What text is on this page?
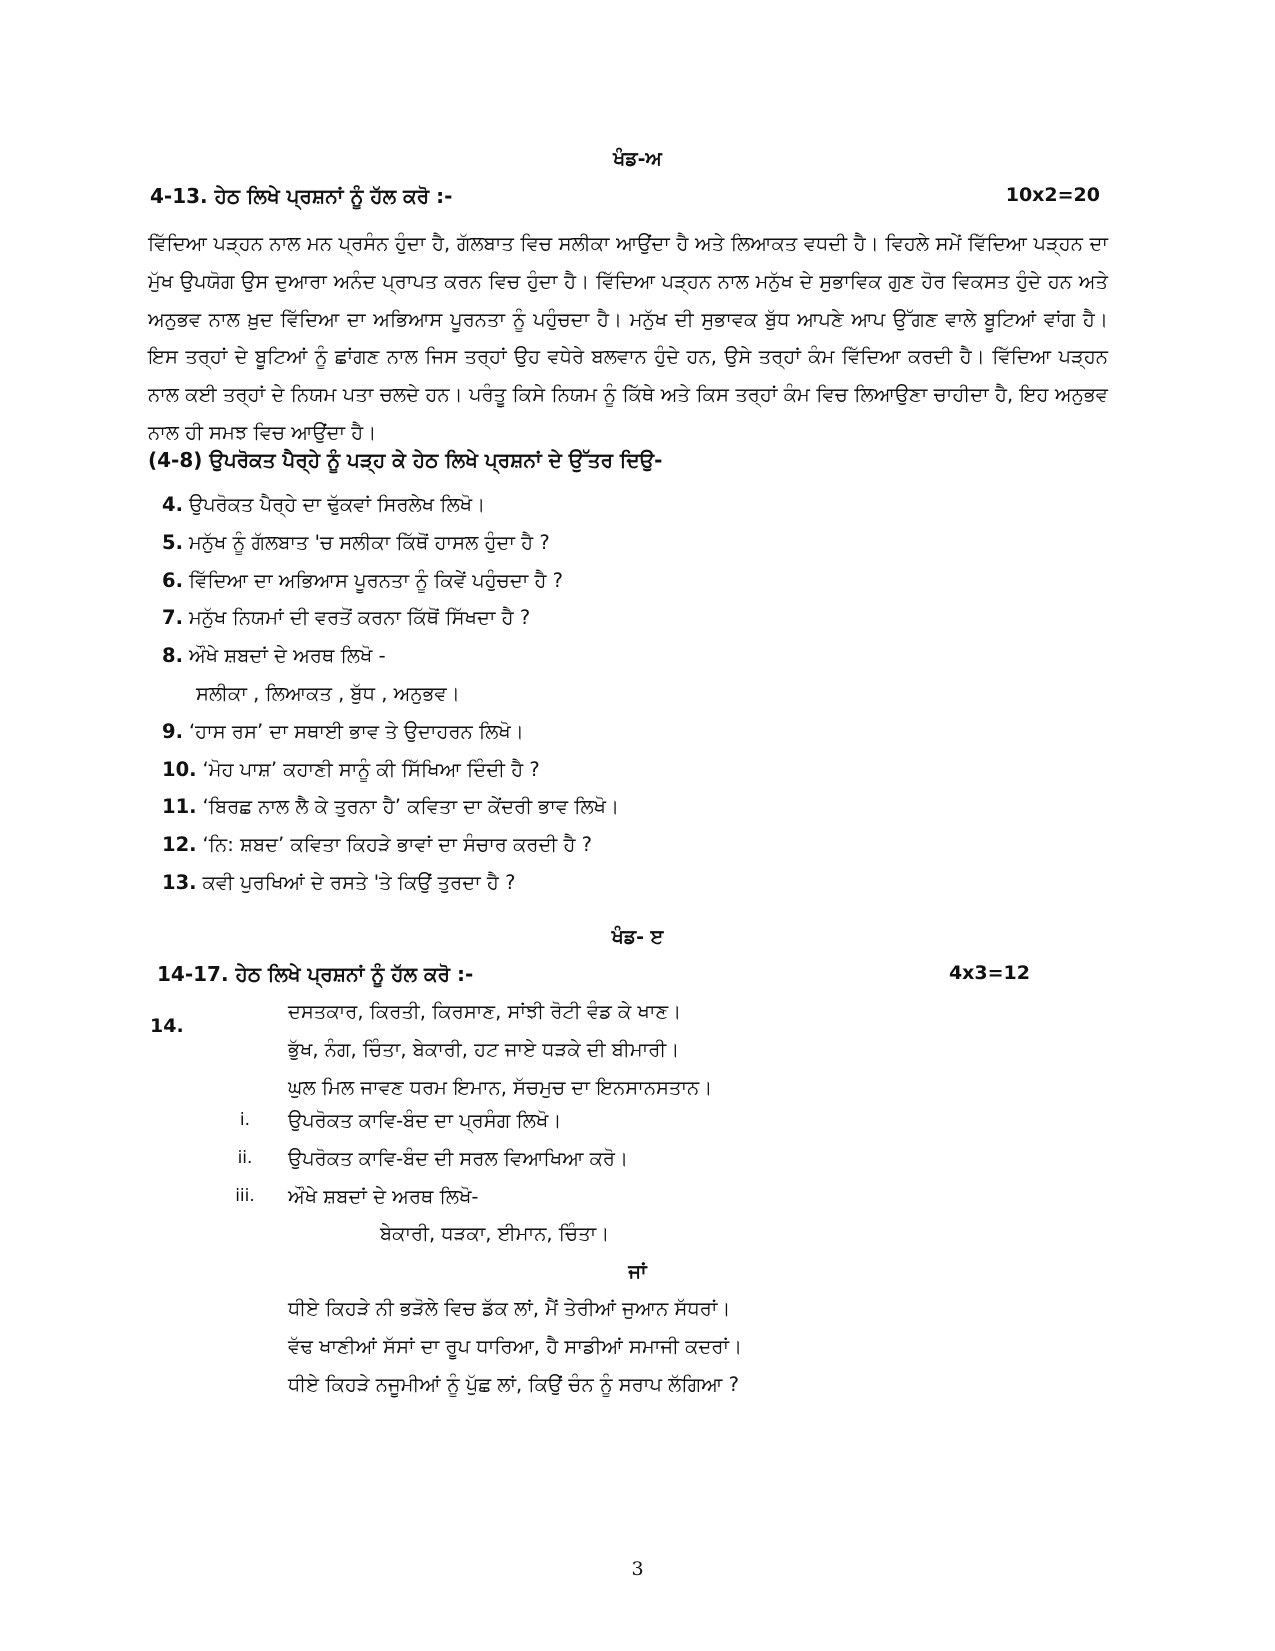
ਖੰਡ-ਅ
4-13. ਹੇਠ ਲਿਖੇ ਪ੍ਰਸ਼ਨਾਂ ਨੂੰ ਹੱਲ ਕਰੋ :-	10x2=20
ਵਿੱਦਿਆ ਪੜ੍ਹਨ ਨਾਲ ਮਨ ਪ੍ਰਸੰਨ ਹੁੰਦਾ ਹੈ, ਗੱਲਬਾਤ ਵਿਚ ਸਲੀਕਾ ਆਉਂਦਾ ਹੈ ਅਤੇ ਲਿਆਕਤ ਵਧਦੀ ਹੈ। ਵਿਹਲੇ ਸਮੇਂ ਵਿੱਦਿਆ ਪੜ੍ਹਨ ਦਾ ਮੁੱਖ ਉਪਯੋਗ ਉਸ ਦੁਆਰਾ ਅਨੰਦ ਪ੍ਰਾਪਤ ਕਰਨ ਵਿਚ ਹੁੰਦਾ ਹੈ। ਵਿੱਦਿਆ ਪੜ੍ਹਨ ਨਾਲ ਮਨੁੱਖ ਦੇ ਸੁਭਾਵਿਕ ਗੁਣ ਹੋਰ ਵਿਕਸਤ ਹੁੰਦੇ ਹਨ ਅਤੇ ਅਨੁਭਵ ਨਾਲ ਖ਼ੁਦ ਵਿੱਦਿਆ ਦਾ ਅਭਿਆਸ ਪੂਰਨਤਾ ਨੂੰ ਪਹੁੰਚਦਾ ਹੈ। ਮਨੁੱਖ ਦੀ ਸੁਭਾਵਕ ਬੁੱਧ ਆਪਣੇ ਆਪ ਉੱਗਣ ਵਾਲੇ ਬੂਟਿਆਂ ਵਾਂਗ ਹੈ। ਇਸ ਤਰ੍ਹਾਂ ਦੇ ਬੂਟਿਆਂ ਨੂੰ ਛਾਂਗਣ ਨਾਲ ਜਿਸ ਤਰ੍ਹਾਂ ਉਹ ਵਧੇਰੇ ਬਲਵਾਨ ਹੁੰਦੇ ਹਨ, ਉਸੇ ਤਰ੍ਹਾਂ ਕੰਮ ਵਿੱਦਿਆ ਕਰਦੀ ਹੈ। ਵਿੱਦਿਆ ਪੜ੍ਹਨ ਨਾਲ ਕਈ ਤਰ੍ਹਾਂ ਦੇ ਨਿਯਮ ਪਤਾ ਚਲਦੇ ਹਨ। ਪਰੰਤੂ ਕਿਸੇ ਨਿਯਮ ਨੂੰ ਕਿੱਥੇ ਅਤੇ ਕਿਸ ਤਰ੍ਹਾਂ ਕੰਮ ਵਿਚ ਲਿਆਉਣਾ ਚਾਹੀਦਾ ਹੈ, ਇਹ ਅਨੁਭਵ ਨਾਲ ਹੀ ਸਮਝ ਵਿਚ ਆਉਂਦਾ ਹੈ।
(4-8) ਉਪਰੋਕਤ ਪੈਰ੍ਹੇ ਨੂੰ ਪੜ੍ਹ ਕੇ ਹੇਠ ਲਿਖੇ ਪ੍ਰਸ਼ਨਾਂ ਦੇ ਉੱਤਰ ਦਿਉ-
4. ਉਪਰੋਕਤ ਪੈਰ੍ਹੇ ਦਾ ਢੁੱਕਵਾਂ ਸਿਰਲੇਖ ਲਿਖੋ।
5. ਮਨੁੱਖ ਨੂੰ ਗੱਲਬਾਤ 'ਚ ਸਲੀਕਾ ਕਿੱਥੋਂ ਹਾਸਲ ਹੁੰਦਾ ਹੈ ?
6. ਵਿੱਦਿਆ ਦਾ ਅਭਿਆਸ ਪੂਰਨਤਾ ਨੂੰ ਕਿਵੇਂ ਪਹੁੰਚਦਾ ਹੈ ?
7. ਮਨੁੱਖ ਨਿਯਮਾਂ ਦੀ ਵਰਤੋਂ ਕਰਨਾ ਕਿੱਥੋਂ ਸਿੱਖਦਾ ਹੈ ?
8. ਔਖੇ ਸ਼ਬਦਾਂ ਦੇ ਅਰਥ ਲਿਖੋ -
ਸਲੀਕਾ , ਲਿਆਕਤ , ਬੁੱਧ , ਅਨੁਭਵ।
9. ‘ਹਾਸ ਰਸ’ ਦਾ ਸਥਾਈ ਭਾਵ ਤੇ ਉਦਾਹਰਨ ਲਿਖੋ।
10. ‘ਮੋਹ ਪਾਸ਼’ ਕਹਾਣੀ ਸਾਨੂੰ ਕੀ ਸਿੱਖਿਆ ਦਿੰਦੀ ਹੈ ?
11. ‘ਬਿਰਛ ਨਾਲ ਲੈ ਕੇ ਤੁਰਨਾ ਹੈ’ ਕਵਿਤਾ ਦਾ ਕੇਂਦਰੀ ਭਾਵ ਲਿਖੋ।
12. ‘ਨਿ: ਸ਼ਬਦ’ ਕਵਿਤਾ ਕਿਹੜੇ ਭਾਵਾਂ ਦਾ ਸੰਚਾਰ ਕਰਦੀ ਹੈ ?
13. ਕਵੀ ਪੁਰਖਿਆਂ ਦੇ ਰਸਤੇ 'ਤੇ ਕਿਉਂ ਤੁਰਦਾ ਹੈ ?
ਖੰਡ- ੲ
14-17. ਹੇਠ ਲਿਖੇ ਪ੍ਰਸ਼ਨਾਂ ਨੂੰ ਹੱਲ ਕਰੋ :-	4x3=12
14.
ਦਸਤਕਾਰ, ਕਿਰਤੀ, ਕਿਰਸਾਣ, ਸਾਂਝੀ ਰੋਟੀ ਵੰਡ ਕੇ ਖਾਣ।
ਭੁੱਖ, ਨੰਗ, ਚਿੰਤਾ, ਬੇਕਾਰੀ, ਹਟ ਜਾਏ ਧੜਕੇ ਦੀ ਬੀਮਾਰੀ।
ਘੁਲ ਮਿਲ ਜਾਵਣ ਧਰਮ ਇਮਾਨ, ਸੱਚਮੁਚ ਦਾ ਇਨਸਾਨਸਤਾਨ।
i.	ਉਪਰੋਕਤ ਕਾਵਿ-ਬੰਦ ਦਾ ਪ੍ਰਸੰਗ ਲਿਖੋ।
ii.	ਉਪਰੋਕਤ ਕਾਵਿ-ਬੰਦ ਦੀ ਸਰਲ ਵਿਆਖਿਆ ਕਰੋ।
iii.	ਔਖੇ ਸ਼ਬਦਾਂ ਦੇ ਅਰਥ ਲਿਖੋ-
ਬੇਕਾਰੀ, ਧੜਕਾ, ਈਮਾਨ, ਚਿੰਤਾ।
ਜਾਂ
ਧੀਏ ਕਿਹੜੇ ਨੀ ਭੜੋਲੇ ਵਿਚ ਡੱਕ ਲਾਂ, ਮੈਂ ਤੇਰੀਆਂ ਜੁਆਨ ਸੱਧਰਾਂ।
ਵੱਢ ਖਾਣੀਆਂ ਸੱਸਾਂ ਦਾ ਰੂਪ ਧਾਰਿਆ, ਹੈ ਸਾਡੀਆਂ ਸਮਾਜੀ ਕਦਰਾਂ।
ਧੀਏ ਕਿਹੜੇ ਨਜੂਮੀਆਂ ਨੂੰ ਪੁੱਛ ਲਾਂ, ਕਿਉਂ ਚੰਨ ਨੂੰ ਸਰਾਪ ਲੱਗਿਆ ?
3
